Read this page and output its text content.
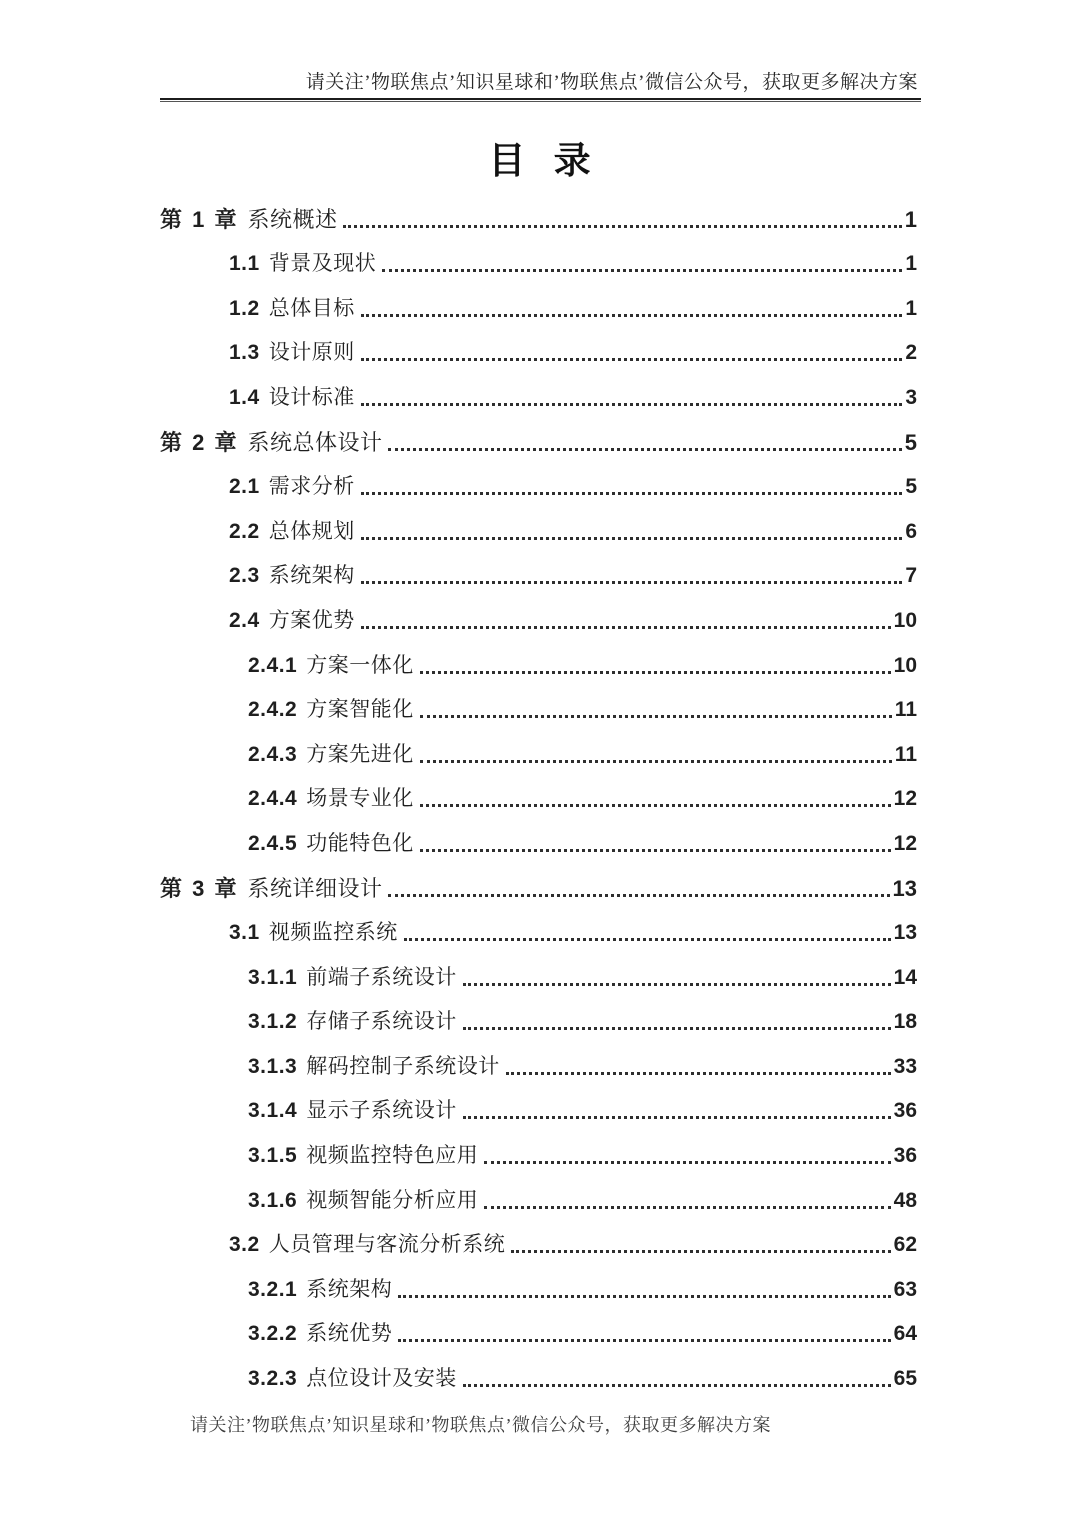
请关注’物联焦点’知识星球和’物联焦点’微信公众号，获取更多解决方案
目 录
第 1 章 系统概述	1
1.1 背景及现状	1
1.2 总体目标	1
1.3 设计原则	2
1.4 设计标准	3
第 2 章 系统总体设计	5
2.1 需求分析	5
2.2 总体规划	6
2.3 系统架构	7
2.4 方案优势	10
2.4.1 方案一体化	10
2.4.2 方案智能化	11
2.4.3 方案先进化	11
2.4.4 场景专业化	12
2.4.5 功能特色化	12
第 3 章 系统详细设计	13
3.1 视频监控系统	13
3.1.1 前端子系统设计	14
3.1.2 存储子系统设计	18
3.1.3 解码控制子系统设计	33
3.1.4 显示子系统设计	36
3.1.5 视频监控特色应用	36
3.1.6 视频智能分析应用	48
3.2 人员管理与客流分析系统	62
3.2.1 系统架构	63
3.2.2 系统优势	64
3.2.3 点位设计及安装	65
请关注’物联焦点’知识星球和’物联焦点’微信公众号，获取更多解决方案
